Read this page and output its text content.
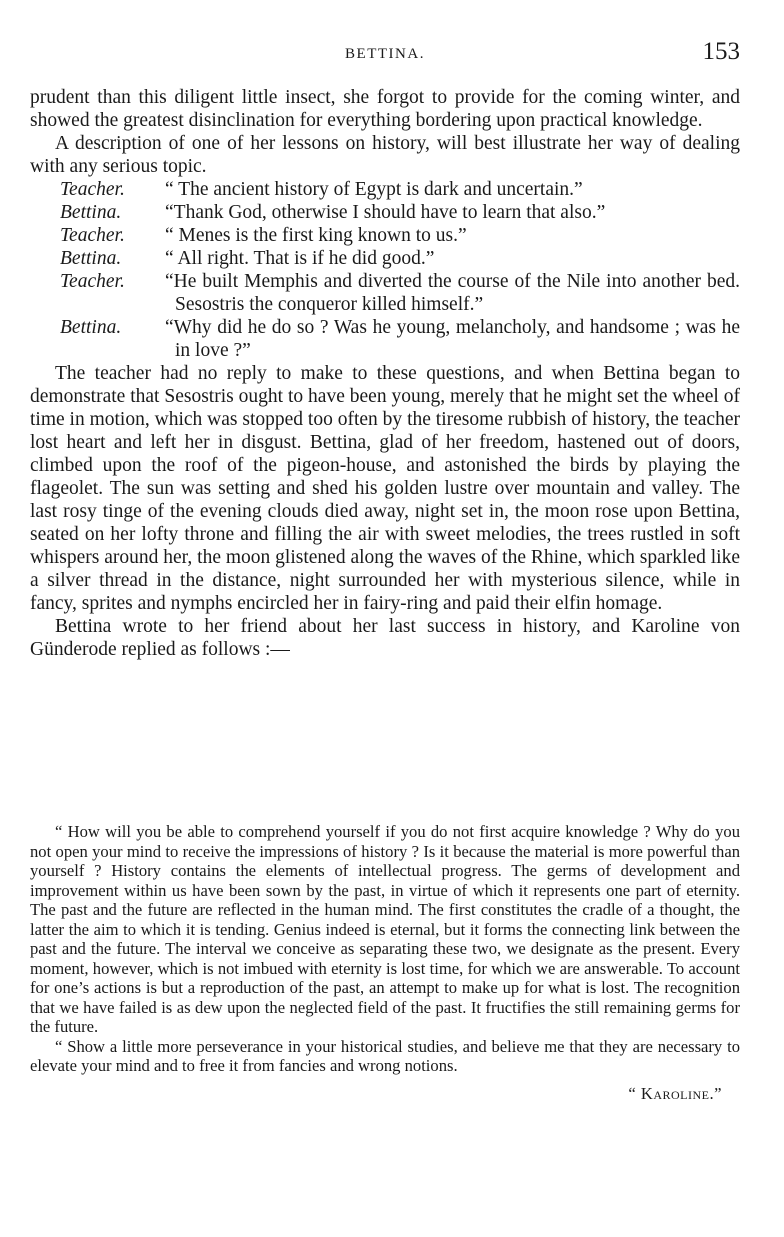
BETTINA.	153

prudent than this diligent little insect, she forgot to provide for the coming winter, and showed the greatest disinclination for everything bordering upon practical knowledge.

A description of one of her lessons on history, will best illustrate her way of dealing with any serious topic.

Teacher.	“ The ancient history of Egypt is dark and uncertain.”
Bettina.	“Thank God, otherwise I should have to learn that also.”
Teacher.	“ Menes is the first king known to us.”
Bettina.	“ All right. That is if he did good.”
Teacher.	“He built Memphis and diverted the course of the Nile into another bed. Sesostris the conqueror killed himself.”
Bettina.	“Why did he do so ? Was he young, melancholy, and handsome ; was he in love ?”

The teacher had no reply to make to these questions, and when Bettina began to demonstrate that Sesostris ought to have been young, merely that he might set the wheel of time in motion, which was stopped too often by the tiresome rubbish of history, the teacher lost heart and left her in disgust. Bettina, glad of her freedom, hastened out of doors, climbed upon the roof of the pigeon-house, and astonished the birds by playing the flageolet. The sun was setting and shed his golden lustre over mountain and valley. The last rosy tinge of the evening clouds died away, night set in, the moon rose upon Bettina, seated on her lofty throne and filling the air with sweet melodies, the trees rustled in soft whispers around her, the moon glistened along the waves of the Rhine, which sparkled like a silver thread in the distance, night surrounded her with mysterious silence, while in fancy, sprites and nymphs encircled her in fairy-ring and paid their elfin homage.

Bettina wrote to her friend about her last success in history, and Karoline von Günderode replied as follows :—

“ How will you be able to comprehend yourself if you do not first acquire knowledge ? Why do you not open your mind to receive the impressions of history ? Is it because the material is more powerful than yourself ? History contains the elements of intellectual progress. The germs of development and improvement within us have been sown by the past, in virtue of which it represents one part of eternity. The past and the future are reflected in the human mind. The first constitutes the cradle of a thought, the latter the aim to which it is tending. Genius indeed is eternal, but it forms the connecting link between the past and the future. The interval we conceive as separating these two, we designate as the present. Every moment, however, which is not imbued with eternity is lost time, for which we are answerable. To account for one’s actions is but a reproduction of the past, an attempt to make up for what is lost. The recognition that we have failed is as dew upon the neglected field of the past. It fructifies the still remaining germs for the future.

“ Show a little more perseverance in your historical studies, and believe me that they are necessary to elevate your mind and to free it from fancies and wrong notions.

“ Karoline.”
